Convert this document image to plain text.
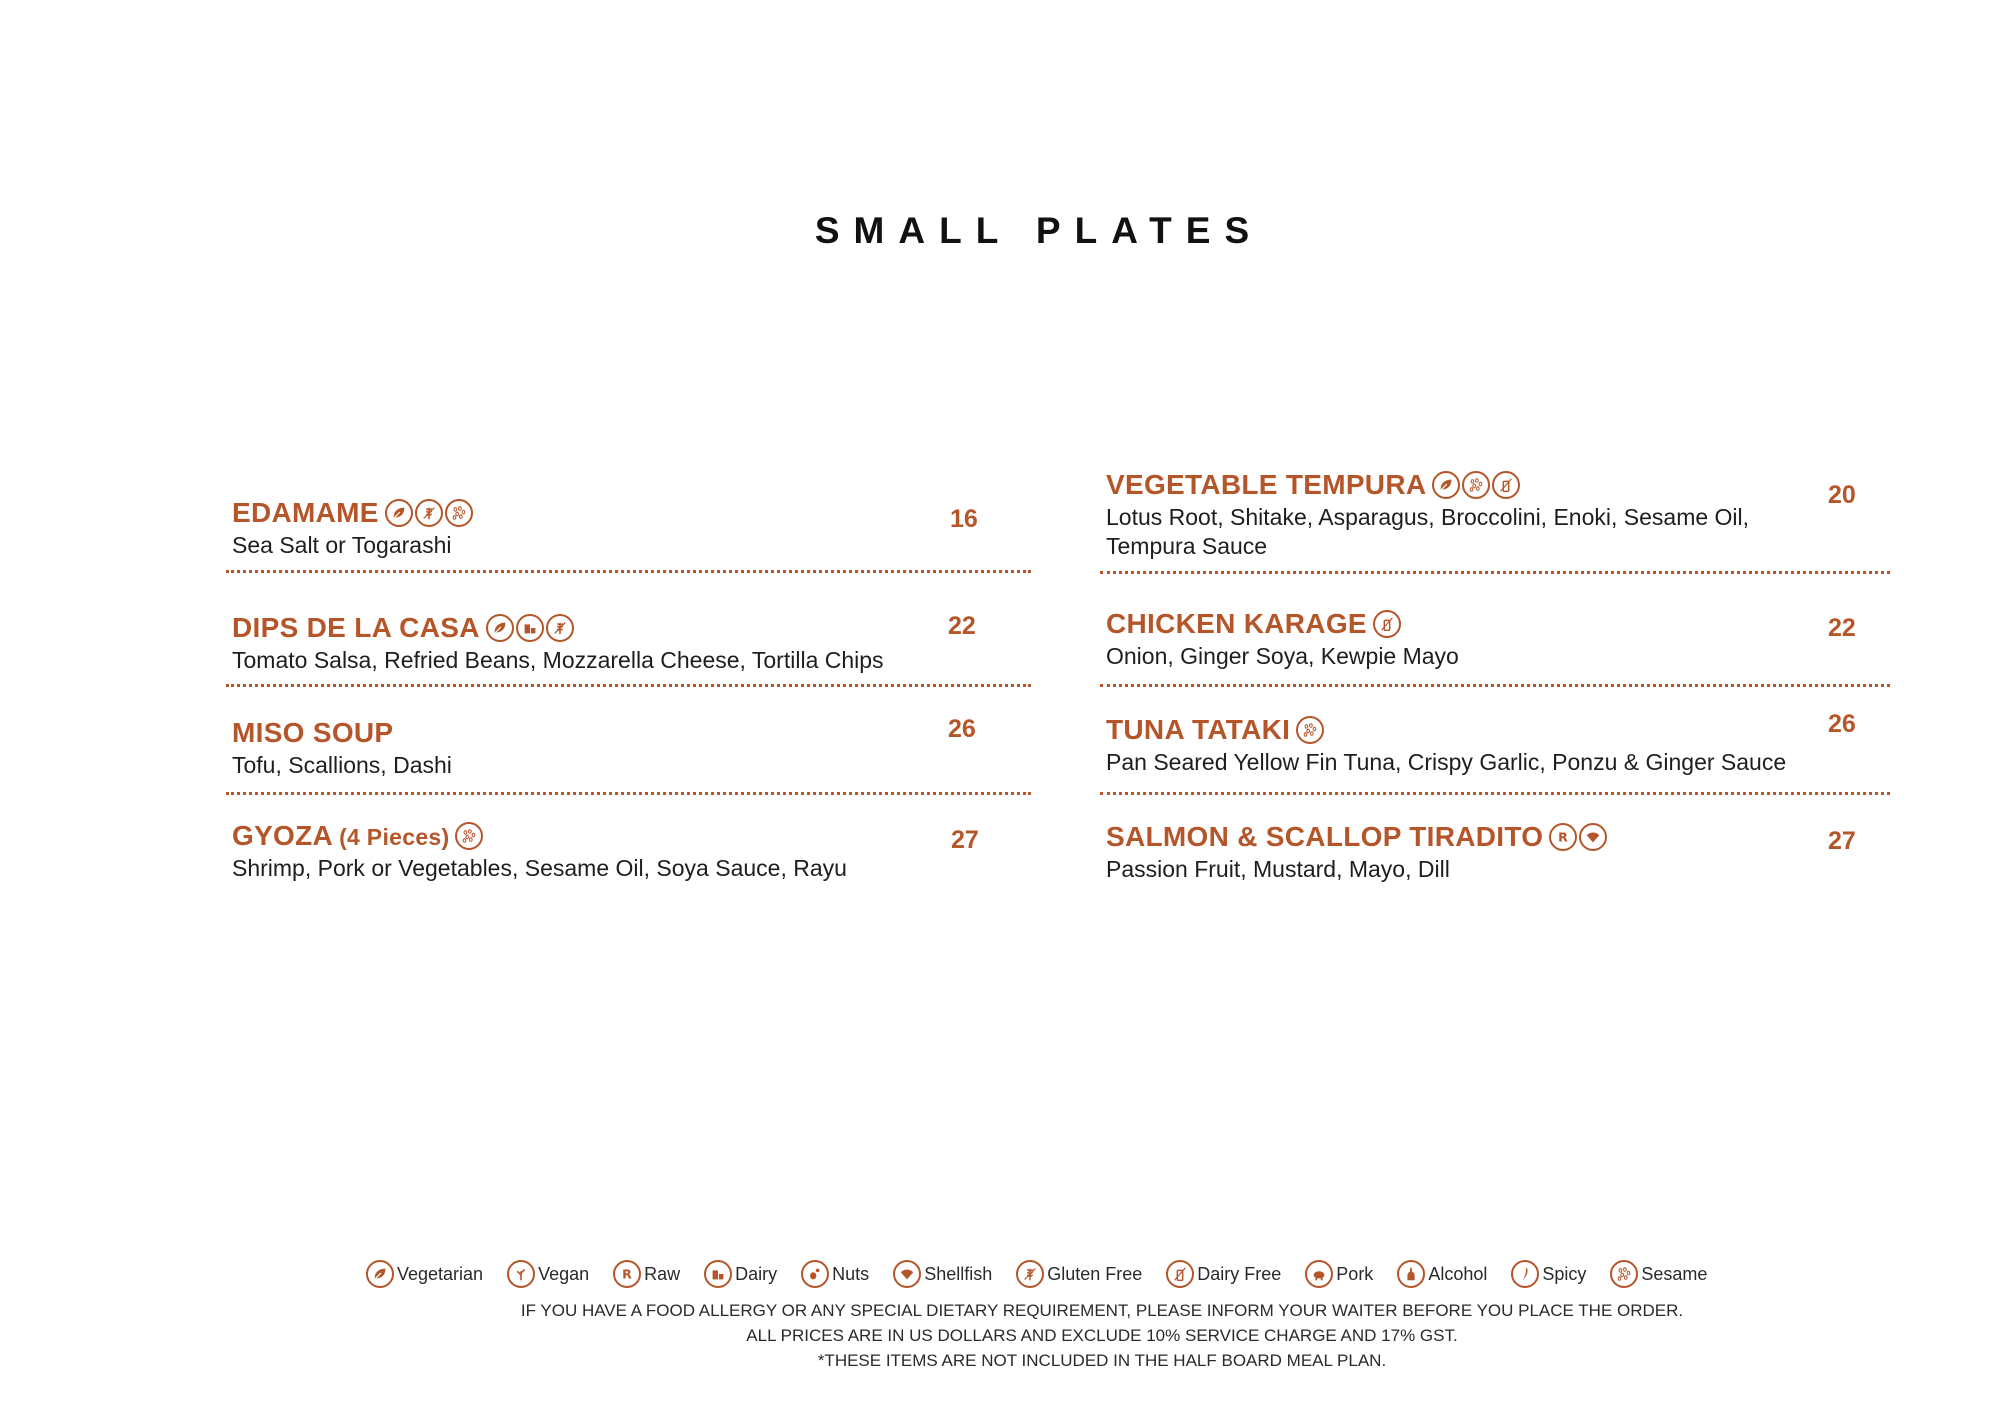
SMALL PLATES
EDAMAME
Sea Salt or Togarashi
16
DIPS DE LA CASA
Tomato Salsa, Refried Beans, Mozzarella Cheese, Tortilla Chips
22
MISO SOUP
Tofu, Scallions, Dashi
26
GYOZA (4 Pieces)
Shrimp, Pork or Vegetables, Sesame Oil, Soya Sauce, Rayu
27
VEGETABLE TEMPURA
Lotus Root, Shitake, Asparagus, Broccolini, Enoki, Sesame Oil,
Tempura Sauce
20
CHICKEN KARAGE
Onion, Ginger Soya, Kewpie Mayo
22
TUNA TATAKI
Pan Seared Yellow Fin Tuna, Crispy Garlic, Ponzu & Ginger Sauce
26
SALMON & SCALLOP TIRADITO R
Passion Fruit, Mustard, Mayo, Dill
27
Vegetarian	Vegan R Raw	Dairy	Nuts	Shellfish	Gluten Free	Dairy Free	Pork	Alcohol	Spicy	Sesame
IF YOU HAVE A FOOD ALLERGY OR ANY SPECIAL DIETARY REQUIREMENT, PLEASE INFORM YOUR WAITER BEFORE YOU PLACE THE ORDER.
ALL PRICES ARE IN US DOLLARS AND EXCLUDE 10% SERVICE CHARGE AND 17% GST.
*THESE ITEMS ARE NOT INCLUDED IN THE HALF BOARD MEAL PLAN.
